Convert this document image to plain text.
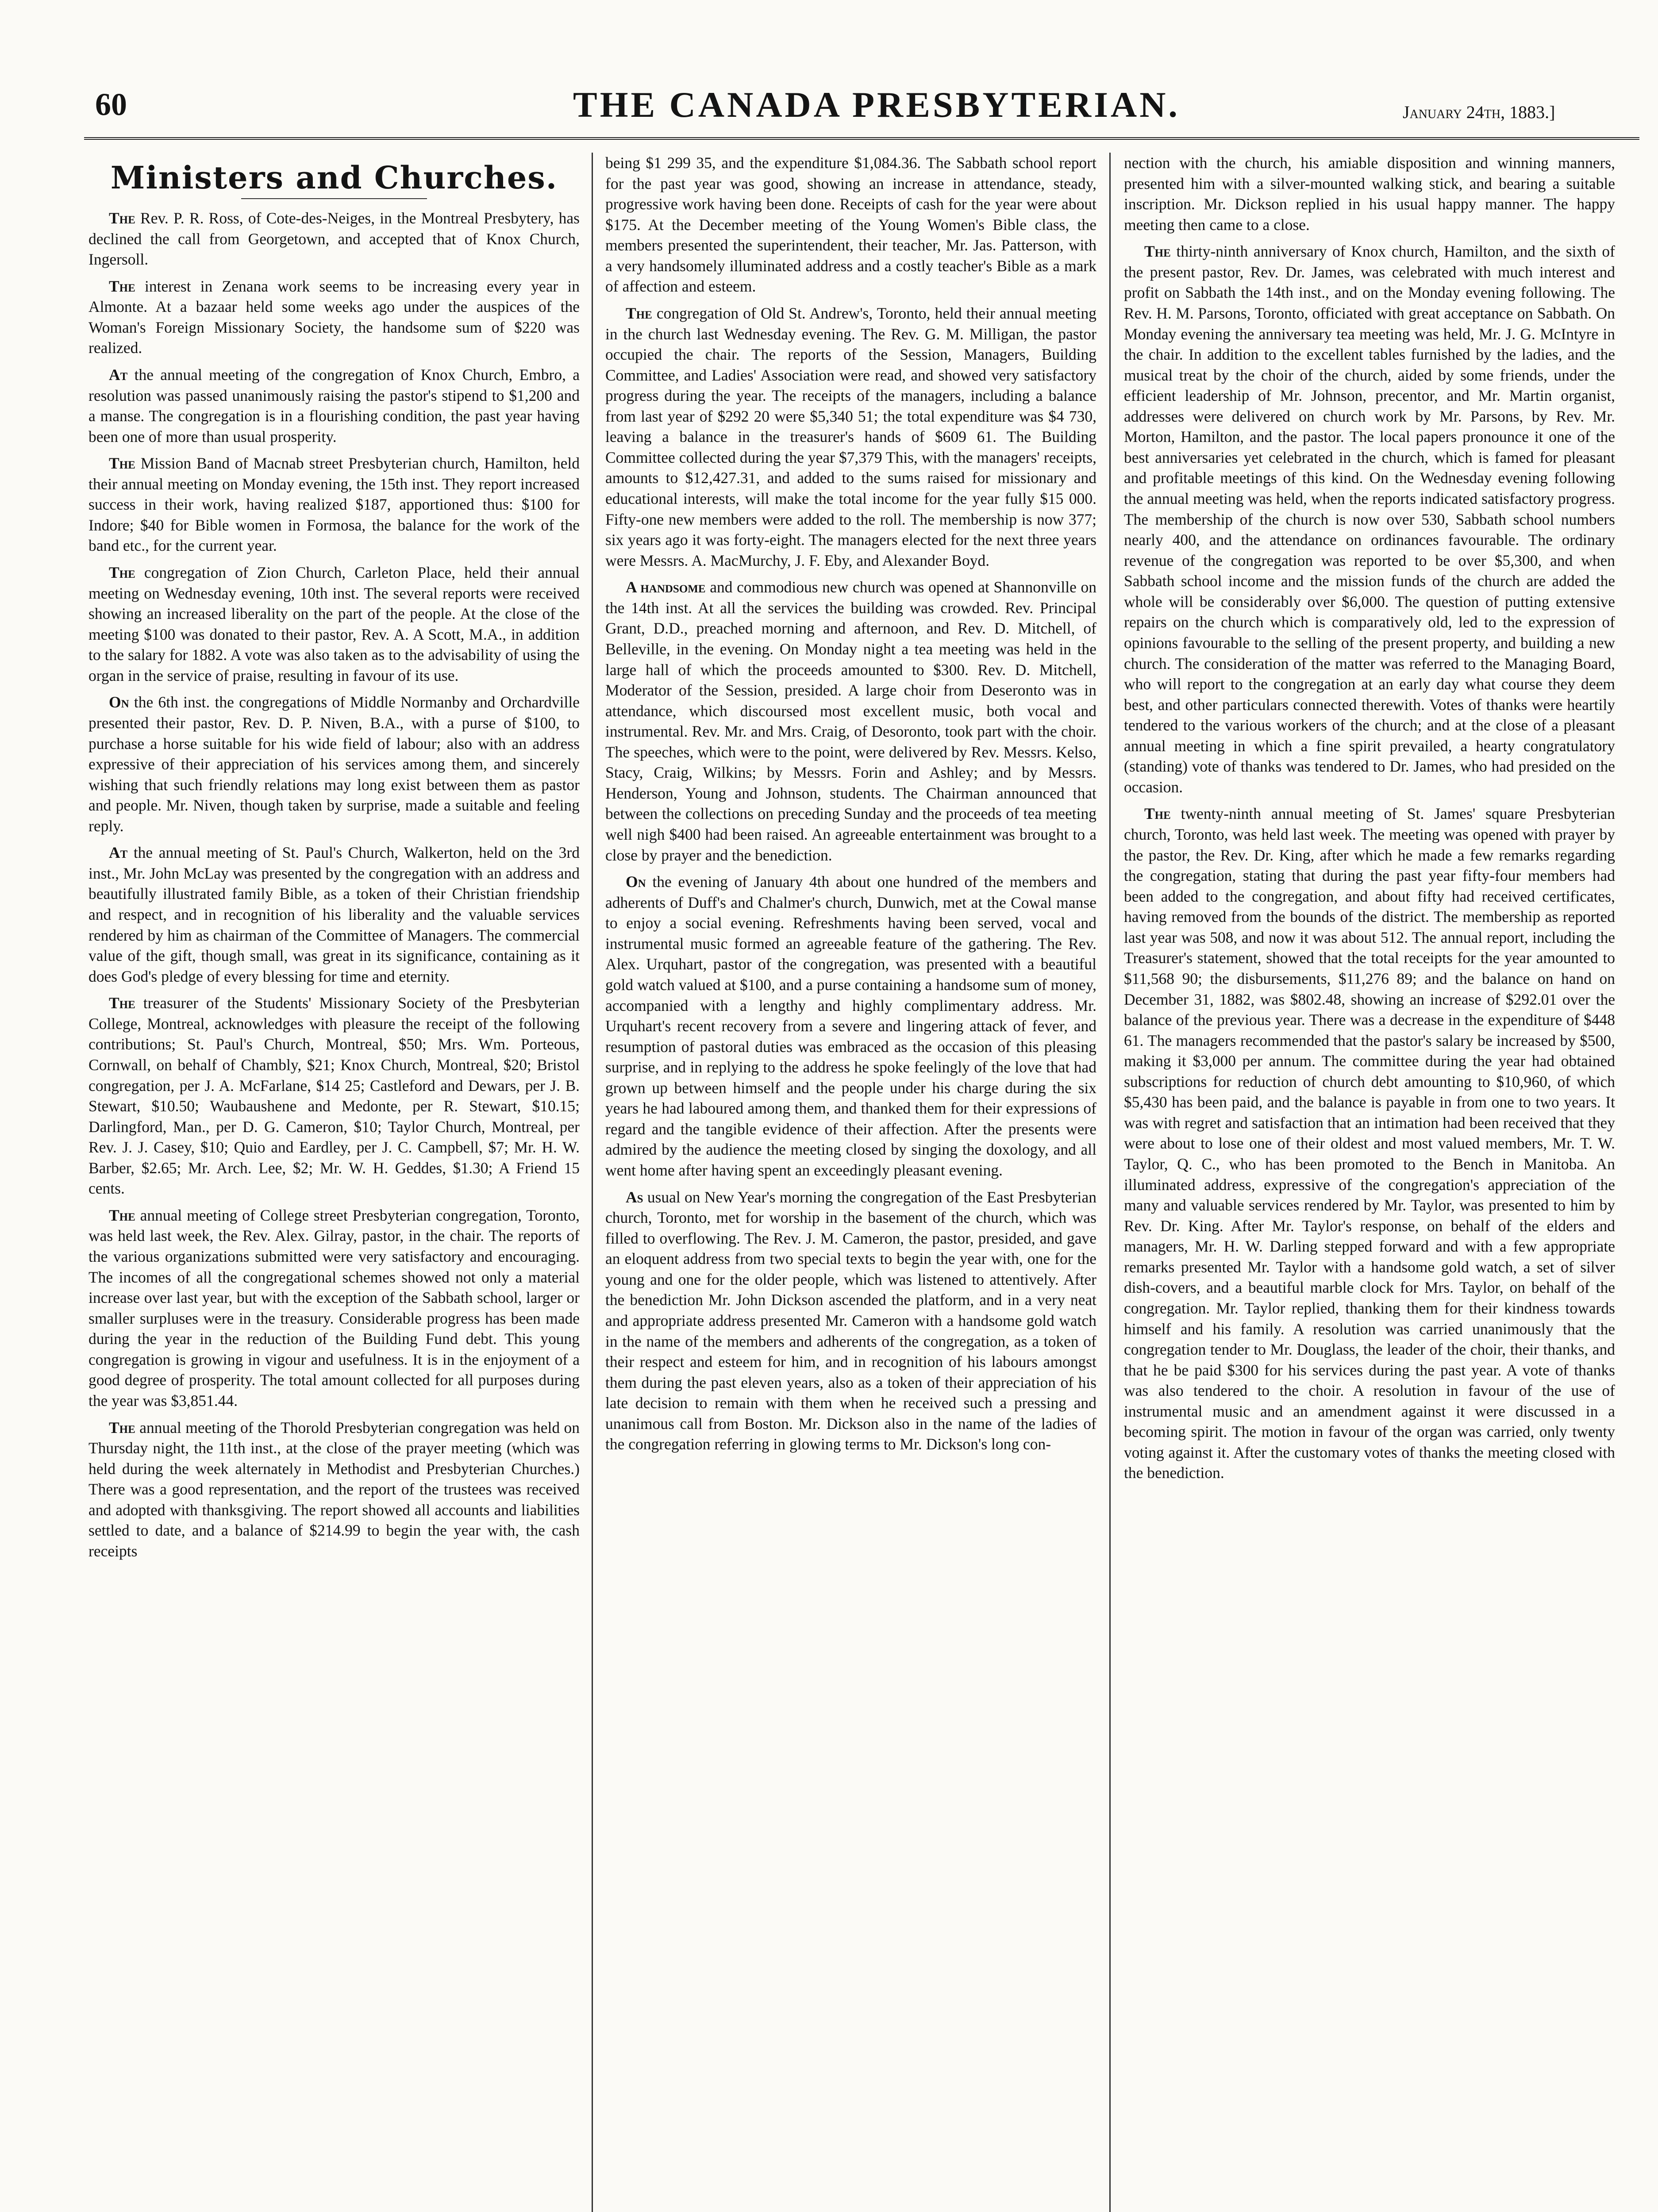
60	THE CANADA PRESBYTERIAN.	January 24th, 1883.]
Ministers and Churches.

The Rev. P. R. Ross, of Cote-des-Neiges, in the Montreal Presbytery, has declined the call from Georgetown, and accepted that of Knox Church, Ingersoll.

The interest in Zenana work seems to be increasing every year in Almonte. At a bazaar held some weeks ago under the auspices of the Woman's Foreign Missionary Society, the handsome sum of $220 was realized.

At the annual meeting of the congregation of Knox Church, Embro, a resolution was passed unanimously raising the pastor's stipend to $1,200 and a manse. The congregation is in a flourishing condition, the past year having been one of more than usual prosperity.

The Mission Band of Macnab street Presbyterian church, Hamilton, held their annual meeting on Monday evening, the 15th inst. They report increased success in their work, having realized $187, apportioned thus: $100 for Indore; $40 for Bible women in Formosa, the balance for the work of the band etc., for the current year.

The congregation of Zion Church, Carleton Place, held their annual meeting on Wednesday evening, 10th inst. The several reports were received showing an increased liberality on the part of the people. At the close of the meeting $100 was donated to their pastor, Rev. A. A Scott, M.A., in addition to the salary for 1882. A vote was also taken as to the advisability of using the organ in the service of praise, resulting in favour of its use.

On the 6th inst. the congregations of Middle Normanby and Orchardville presented their pastor, Rev. D. P. Niven, B.A., with a purse of $100, to purchase a horse suitable for his wide field of labour; also with an address expressive of their appreciation of his services among them, and sincerely wishing that such friendly relations may long exist between them as pastor and people. Mr. Niven, though taken by surprise, made a suitable and feeling reply.

At the annual meeting of St. Paul's Church, Walkerton, held on the 3rd inst., Mr. John McLay was presented by the congregation with an address and beautifully illustrated family Bible, as a token of their Christian friendship and respect, and in recognition of his liberality and the valuable services rendered by him as chairman of the Committee of Managers. The commercial value of the gift, though small, was great in its significance, containing as it does God's pledge of every blessing for time and eternity.

The treasurer of the Students' Missionary Society of the Presbyterian College, Montreal, acknowledges with pleasure the receipt of the following contributions; St. Paul's Church, Montreal, $50; Mrs. Wm. Porteous, Cornwall, on behalf of Chambly, $21; Knox Church, Montreal, $20; Bristol congregation, per J. A. McFarlane, $14 25; Castleford and Dewars, per J. B. Stewart, $10.50; Waubaushene and Medonte, per R. Stewart, $10.15; Darlingford, Man., per D. G. Cameron, $10; Taylor Church, Montreal, per Rev. J. J. Casey, $10; Quio and Eardley, per J. C. Campbell, $7; Mr. H. W. Barber, $2.65; Mr. Arch. Lee, $2; Mr. W. H. Geddes, $1.30; A Friend 15 cents.

The annual meeting of College street Presbyterian congregation, Toronto, was held last week, the Rev. Alex. Gilray, pastor, in the chair. The reports of the various organizations submitted were very satisfactory and encouraging. The incomes of all the congregational schemes showed not only a material increase over last year, but with the exception of the Sabbath school, larger or smaller surpluses were in the treasury. Considerable progress has been made during the year in the reduction of the Building Fund debt. This young congregation is growing in vigour and usefulness. It is in the enjoyment of a good degree of prosperity. The total amount collected for all purposes during the year was $3,851.44.

The annual meeting of the Thorold Presbyterian congregation was held on Thursday night, the 11th inst., at the close of the prayer meeting (which was held during the week alternately in Methodist and Presbyterian Churches.) There was a good representation, and the report of the trustees was received and adopted with thanksgiving. The report showed all accounts and liabilities settled to date, and a balance of $214.99 to begin the year with, the cash receipts

being $1 299 35, and the expenditure $1,084.36. The Sabbath school report for the past year was good, showing an increase in attendance, steady, progressive work having been done. Receipts of cash for the year were about $175. At the December meeting of the Young Women's Bible class, the members presented the superintendent, their teacher, Mr. Jas. Patterson, with a very handsomely illuminated address and a costly teacher's Bible as a mark of affection and esteem.

The congregation of Old St. Andrew's, Toronto, held their annual meeting in the church last Wednesday evening. The Rev. G. M. Milligan, the pastor occupied the chair. The reports of the Session, Managers, Building Committee, and Ladies' Association were read, and showed very satisfactory progress during the year. The receipts of the managers, including a balance from last year of $292 20 were $5,340 51; the total expenditure was $4 730, leaving a balance in the treasurer's hands of $609 61. The Building Committee collected during the year $7,379 This, with the managers' receipts, amounts to $12,427.31, and added to the sums raised for missionary and educational interests, will make the total income for the year fully $15 000. Fifty-one new members were added to the roll. The membership is now 377; six years ago it was forty-eight. The managers elected for the next three years were Messrs. A. MacMurchy, J. F. Eby, and Alexander Boyd.

A handsome and commodious new church was opened at Shannonville on the 14th inst. At all the services the building was crowded. Rev. Principal Grant, D.D., preached morning and afternoon, and Rev. D. Mitchell, of Belleville, in the evening. On Monday night a tea meeting was held in the large hall of which the proceeds amounted to $300. Rev. D. Mitchell, Moderator of the Session, presided. A large choir from Deseronto was in attendance, which discoursed most excellent music, both vocal and instrumental. Rev. Mr. and Mrs. Craig, of Desoronto, took part with the choir. The speeches, which were to the point, were delivered by Rev. Messrs. Kelso, Stacy, Craig, Wilkins; by Messrs. Forin and Ashley; and by Messrs. Henderson, Young and Johnson, students. The Chairman announced that between the collections on preceding Sunday and the proceeds of tea meeting well nigh $400 had been raised. An agreeable entertainment was brought to a close by prayer and the benediction.

On the evening of January 4th about one hundred of the members and adherents of Duff's and Chalmer's church, Dunwich, met at the Cowal manse to enjoy a social evening. Refreshments having been served, vocal and instrumental music formed an agreeable feature of the gathering. The Rev. Alex. Urquhart, pastor of the congregation, was presented with a beautiful gold watch valued at $100, and a purse containing a handsome sum of money, accompanied with a lengthy and highly complimentary address. Mr. Urquhart's recent recovery from a severe and lingering attack of fever, and resumption of pastoral duties was embraced as the occasion of this pleasing surprise, and in replying to the address he spoke feelingly of the love that had grown up between himself and the people under his charge during the six years he had laboured among them, and thanked them for their expressions of regard and the tangible evidence of their affection. After the presents were admired by the audience the meeting closed by singing the doxology, and all went home after having spent an exceedingly pleasant evening.

As usual on New Year's morning the congregation of the East Presbyterian church, Toronto, met for worship in the basement of the church, which was filled to overflowing. The Rev. J. M. Cameron, the pastor, presided, and gave an eloquent address from two special texts to begin the year with, one for the young and one for the older people, which was listened to attentively. After the benediction Mr. John Dickson ascended the platform, and in a very neat and appropriate address presented Mr. Cameron with a handsome gold watch in the name of the members and adherents of the congregation, as a token of their respect and esteem for him, and in recognition of his labours amongst them during the past eleven years, also as a token of their appreciation of his late decision to remain with them when he received such a pressing and unanimous call from Boston. Mr. Dickson also in the name of the ladies of the congregation referring in glowing terms to Mr. Dickson's long con-

nection with the church, his amiable disposition and winning manners, presented him with a silver-mounted walking stick, and bearing a suitable inscription. Mr. Dickson replied in his usual happy manner. The happy meeting then came to a close.

The thirty-ninth anniversary of Knox church, Hamilton, and the sixth of the present pastor, Rev. Dr. James, was celebrated with much interest and profit on Sabbath the 14th inst., and on the Monday evening following. The Rev. H. M. Parsons, Toronto, officiated with great acceptance on Sabbath. On Monday evening the anniversary tea meeting was held, Mr. J. G. McIntyre in the chair. In addition to the excellent tables furnished by the ladies, and the musical treat by the choir of the church, aided by some friends, under the efficient leadership of Mr. Johnson, precentor, and Mr. Martin organist, addresses were delivered on church work by Mr. Parsons, by Rev. Mr. Morton, Hamilton, and the pastor. The local papers pronounce it one of the best anniversaries yet celebrated in the church, which is famed for pleasant and profitable meetings of this kind. On the Wednesday evening following the annual meeting was held, when the reports indicated satisfactory progress. The membership of the church is now over 530, Sabbath school numbers nearly 400, and the attendance on ordinances favourable. The ordinary revenue of the congregation was reported to be over $5,300, and when Sabbath school income and the mission funds of the church are added the whole will be considerably over $6,000. The question of putting extensive repairs on the church which is comparatively old, led to the expression of opinions favourable to the selling of the present property, and building a new church. The consideration of the matter was referred to the Managing Board, who will report to the congregation at an early day what course they deem best, and other particulars connected therewith. Votes of thanks were heartily tendered to the various workers of the church; and at the close of a pleasant annual meeting in which a fine spirit prevailed, a hearty congratulatory (standing) vote of thanks was tendered to Dr. James, who had presided on the occasion.

The twenty-ninth annual meeting of St. James' square Presbyterian church, Toronto, was held last week. The meeting was opened with prayer by the pastor, the Rev. Dr. King, after which he made a few remarks regarding the congregation, stating that during the past year fifty-four members had been added to the congregation, and about fifty had received certificates, having removed from the bounds of the district. The membership as reported last year was 508, and now it was about 512. The annual report, including the Treasurer's statement, showed that the total receipts for the year amounted to $11,568 90; the disbursements, $11,276 89; and the balance on hand on December 31, 1882, was $802.48, showing an increase of $292.01 over the balance of the previous year. There was a decrease in the expenditure of $448 61. The managers recommended that the pastor's salary be increased by $500, making it $3,000 per annum. The committee during the year had obtained subscriptions for reduction of church debt amounting to $10,960, of which $5,430 has been paid, and the balance is payable in from one to two years. It was with regret and satisfaction that an intimation had been received that they were about to lose one of their oldest and most valued members, Mr. T. W. Taylor, Q. C., who has been promoted to the Bench in Manitoba. An illuminated address, expressive of the congregation's appreciation of the many and valuable services rendered by Mr. Taylor, was presented to him by Rev. Dr. King. After Mr. Taylor's response, on behalf of the elders and managers, Mr. H. W. Darling stepped forward and with a few appropriate remarks presented Mr. Taylor with a handsome gold watch, a set of silver dish-covers, and a beautiful marble clock for Mrs. Taylor, on behalf of the congregation. Mr. Taylor replied, thanking them for their kindness towards himself and his family. A resolution was carried unanimously that the congregation tender to Mr. Douglass, the leader of the choir, their thanks, and that he be paid $300 for his services during the past year. A vote of thanks was also tendered to the choir. A resolution in favour of the use of instrumental music and an amendment against it were discussed in a becoming spirit. The motion in favour of the organ was carried, only twenty voting against it. After the customary votes of thanks the meeting closed with the benediction.
